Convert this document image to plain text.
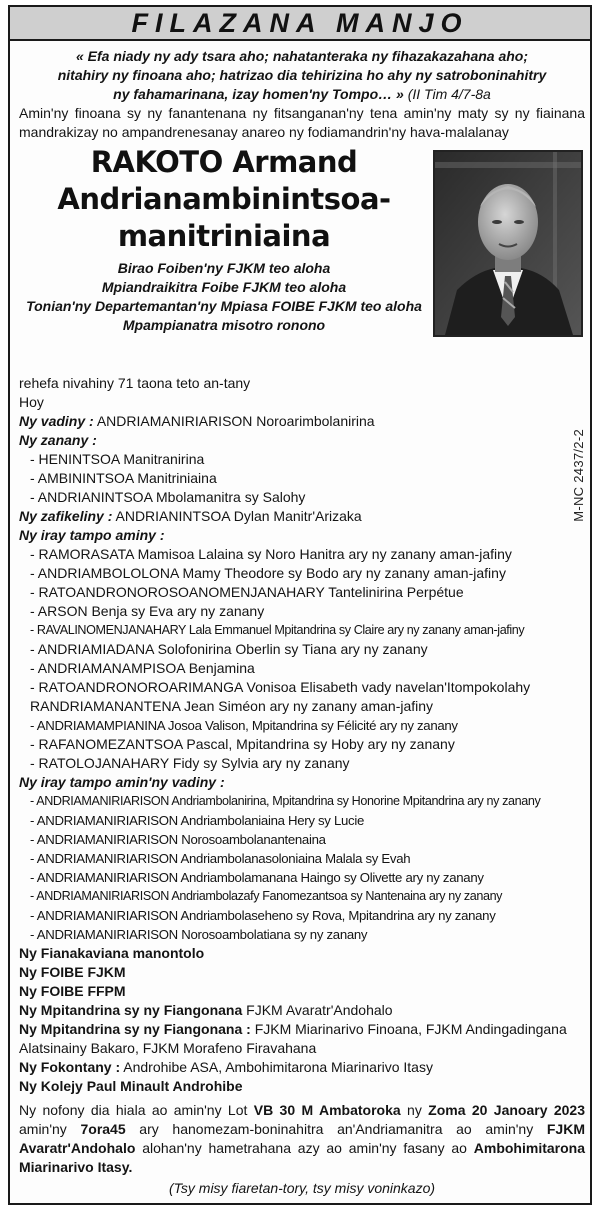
FILAZANA MANJO
« Efa niady ny ady tsara aho; nahatanteraka ny fihazakazahana aho;
nitahiry ny finoana aho; hatrizao dia tehirizina ho ahy ny satroboninahitry
ny fahamarinana, izay homen'ny Tompo… » (II Tim 4/7-8a
Amin'ny finoana sy ny fanantenana ny fitsanganan'ny tena amin'ny maty sy ny fiainana mandrakizay no ampandrenesanay anareo ny fodiamandrin'ny hava-malalanay
RAKOTO Armand
Andrianambinintsoa-
manitriniaina
Birao Foiben'ny FJKM teo aloha
Mpiandraikitra Foibe FJKM teo aloha
Tonian'ny Departemantan'ny Mpiasa FOIBE FJKM teo aloha
Mpampianatra misotro ronono
rehefa nivahiny 71 taona teto an-tany
Hoy
Ny vadiny : ANDRIAMANIRIARISON Noroarimbolanirina
Ny zanany :
- HENINTSOA Manitranirina
- AMBININTSOA Manitriniaina
- ANDRIANINTSOA Mbolamanitra sy Salohy
Ny zafikeliny : ANDRIANINTSOA Dylan Manitr'Arizaka
Ny iray tampo aminy :
- RAMORASATA Mamisoa Lalaina sy Noro Hanitra ary ny zanany aman-jafiny
- ANDRIAMBOLOLONA Mamy Theodore sy Bodo ary ny zanany aman-jafiny
- RATOANDRONOROSOANOMENJANAHARY Tantelinirina Perpétue
- ARSON Benja sy Eva ary ny zanany
- RAVALINOMENJANAHARY Lala Emmanuel Mpitandrina sy Claire ary ny zanany aman-jafiny
- ANDRIAMIADANA Solofonirina Oberlin sy Tiana ary ny zanany
- ANDRIAMANAMPISOA Benjamina
- RATOANDRONOROARIMANGA Vonisoa Elisabeth vady navelan'Itompokolahy
RANDRIAMANANTENA Jean Siméon ary ny zanany aman-jafiny
- ANDRIAMAMPIANINA Josoa Valison, Mpitandrina sy Félicité ary ny zanany
- RAFANOMEZANTSOA Pascal, Mpitandrina sy Hoby ary ny zanany
- RATOLOJANAHARY Fidy sy Sylvia ary ny zanany
Ny iray tampo amin'ny vadiny :
- ANDRIAMANIRIARISON Andriambolanirina, Mpitandrina sy Honorine Mpitandrina ary ny zanany
- ANDRIAMANIRIARISON Andriambolaniaina Hery sy Lucie
- ANDRIAMANIRIARISON Norosoambolanantenaina
- ANDRIAMANIRIARISON Andriambolanasoloniaina Malala sy Evah
- ANDRIAMANIRIARISON Andriambolamanana Haingo sy Olivette ary ny zanany
- ANDRIAMANIRIARISON Andriambolazafy Fanomezantsoa sy Nantenaina ary ny zanany
- ANDRIAMANIRIARISON Andriambolaseheno sy Rova, Mpitandrina ary ny zanany
- ANDRIAMANIRIARISON Norosoambolatiana sy ny zanany
Ny Fianakaviana manontolo
Ny FOIBE FJKM
Ny FOIBE FFPM
Ny Mpitandrina sy ny Fiangonana FJKM Avaratr'Andohalo
Ny Mpitandrina sy ny Fiangonana : FJKM Miarinarivo Finoana, FJKM Andingadingana
Alatsinainy Bakaro, FJKM Morafeno Firavahana
Ny Fokontany : Androhibe ASA, Ambohimitarona Miarinarivo Itasy
Ny Kolejy Paul Minault Androhibe
Ny nofony dia hiala ao amin'ny Lot VB 30 M Ambatoroka ny Zoma 20 Janoary 2023 amin'ny 7ora45 ary hanomezam-boninahitra an'Andriamanitra ao amin'ny FJKM Avaratr'Andohalo alohan'ny hametrahana azy ao amin'ny fasany ao Ambohimitarona Miarinarivo Itasy.
(Tsy misy fiaretan-tory, tsy misy voninkazo)
M-NC 2437/2-2
